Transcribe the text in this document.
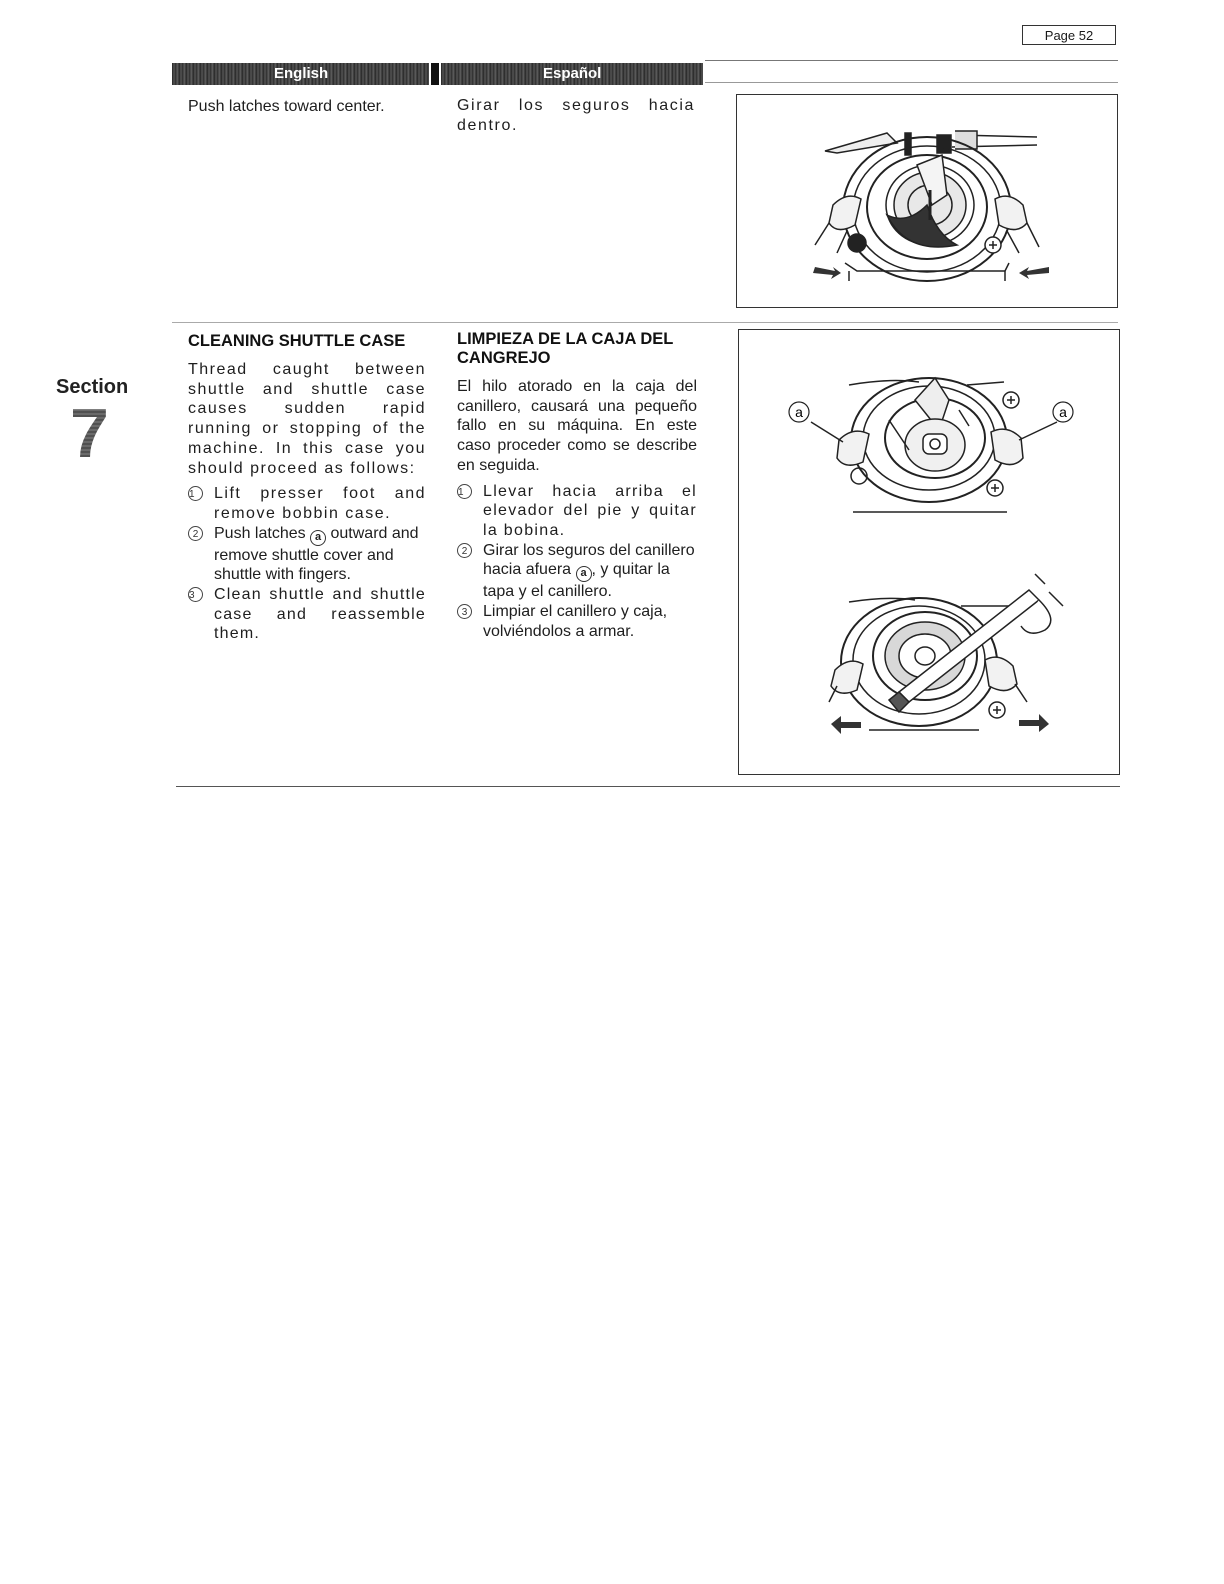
Page 52
English	Español
Push latches toward center.	Girar los seguros hacia dentro.
Section
7
CLEANING SHUTTLE CASE
Thread caught between shuttle and shuttle case causes sudden rapid running or stopping of the machine. In this case you should proceed as follows:

1	Lift presser foot and remove bobbin case.

2 Push latches a outward and remove shuttle cover and shuttle with fingers.

3	Clean shuttle and shuttle case and reassemble them.

LIMPIEZA DE LA CAJA DEL CANGREJO
El hilo atorado en la caja del canillero, causará una pequeño fallo en su máquina. En este caso proceder como se describe en seguida.

1	Llevar hacia arriba el elevador del pie y quitar la bobina.

2 Girar los seguros del canillero hacia afuera a , y quitar la tapa y el canillero.

3 Limpiar el canillero y caja, volviéndolos a armar.

a	a
